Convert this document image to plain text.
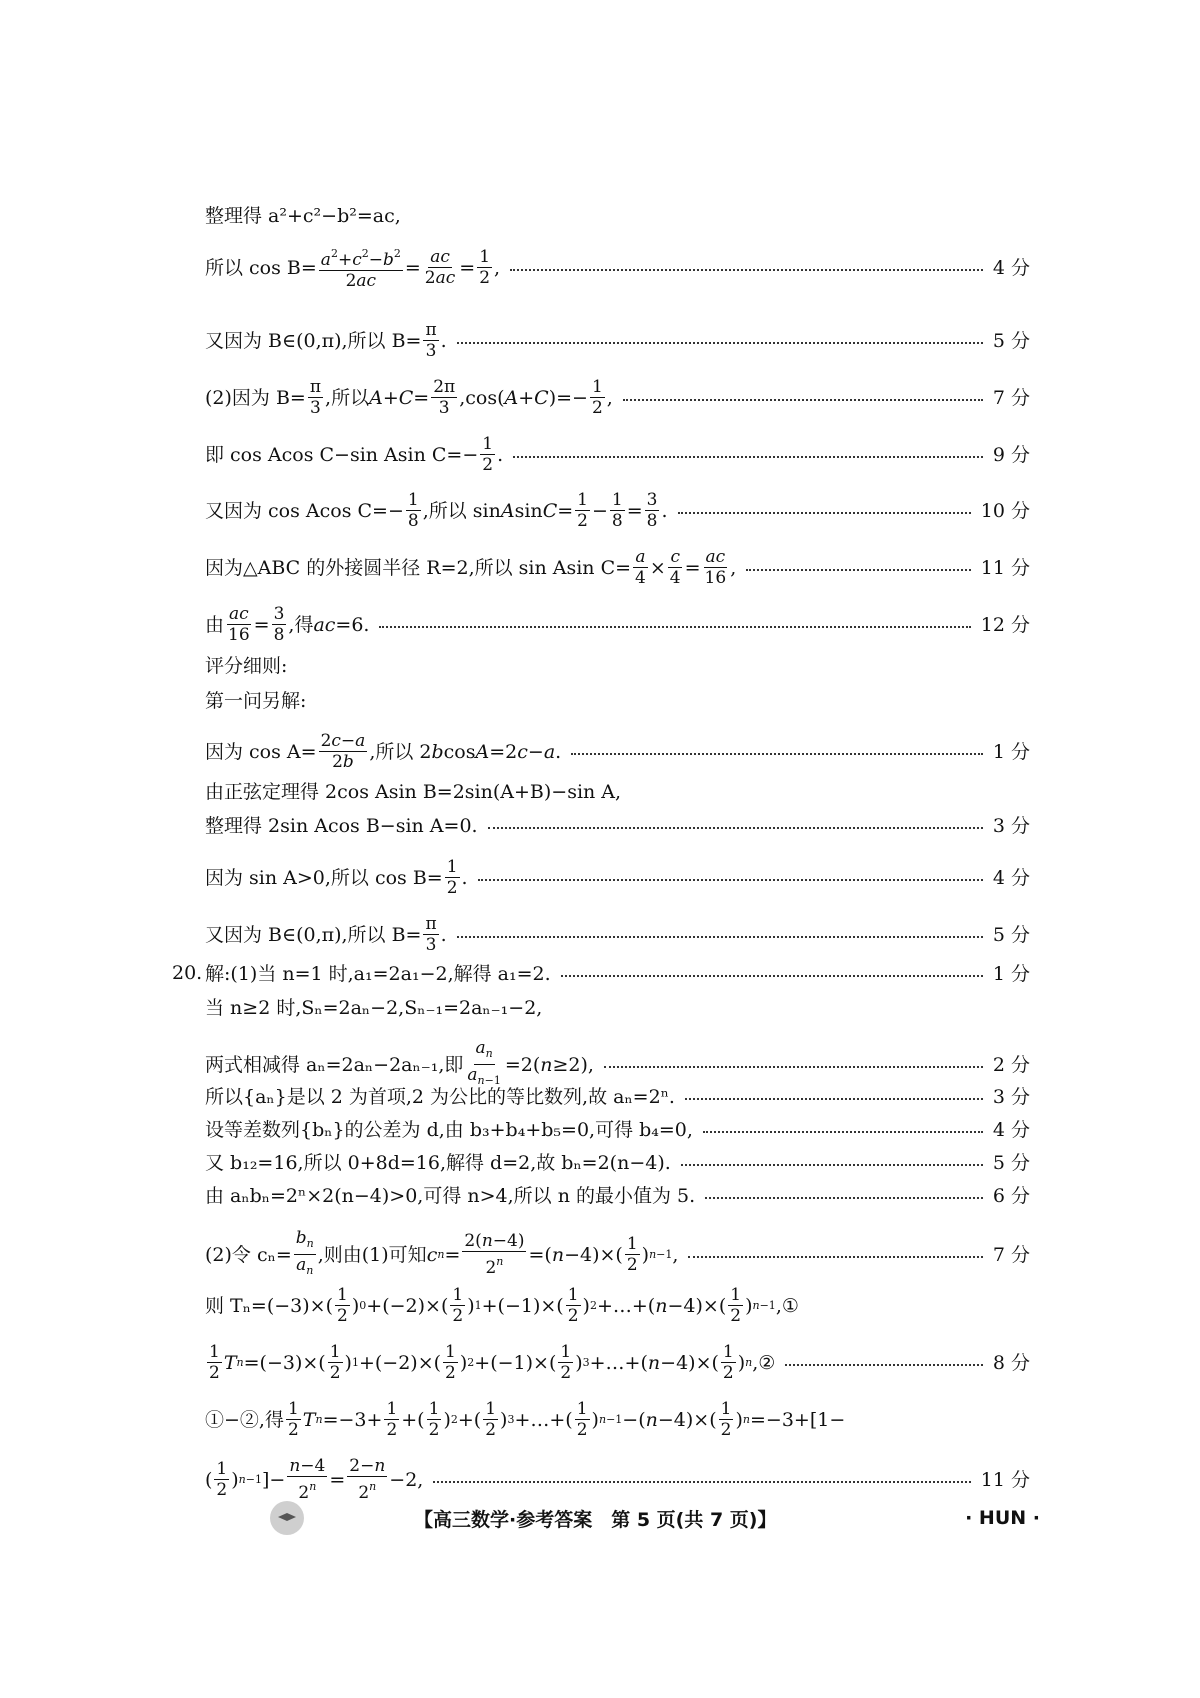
整理得 a²+c²−b²=ac,
所以 $\cos B= \frac{a^2+c^2-b^2}{2ac} = \frac{ac}{2ac} = \frac{1}{2}$ ,	4 分
又因为 B∈(0,π),所以 $B= \frac{\pi}{3}$ .	5 分
(2)因为 $B= \frac{\pi}{3}$ ,所以 $A + C = \frac{2\pi}{3} ,\cos$( A + C )=− $\frac{1}{2}$ ,	7 分
即 cos Acos C−sin Asin $C=- \frac{1}{2}$ .	9 分
又因为 cos Acos $C=- \frac{1}{8}$ ,所以 sin A $\sin C = \frac{1}{2} - \frac{1}{8} = \frac{3}{8}$ .	10 分
因为△ABC 的外接圆半径 R=2,所以 sin Asin $C= \frac{a}{4} \times \frac{c}{4} = \frac{ac}{16}$ ,	11 分
由 $\frac{ac}{16} = \frac{3}{8}$ ,得 ac =6.	12 分
评分细则:
第一问另解:
因为 $\cos A= \frac{2c-a}{2b}$ ,所以 2 b cos A =2 c − a .	1 分
由正弦定理得 2cos Asin B=2sin(A+B)−sin A,
整理得 2sin Acos B−sin A=0.	3 分
因为 sin A>0,所以 $\cos B= \frac{1}{2}$ .	4 分
又因为 B∈(0,π),所以 $B= \frac{\pi}{3}$ .	5 分
20. 解:(1)当 n=1 时,a₁=2a₁−2,解得 a₁=2.	1 分
当 n≥2 时,Sₙ=2aₙ−2,Sₙ₋₁=2aₙ₋₁−2,
两式相减得 aₙ=2aₙ−2aₙ₋₁,即 $\frac{a_n}{a_{n-1}} =2$( n ≥2),	2 分
所以{aₙ}是以 2 为首项,2 为公比的等比数列,故 aₙ=2ⁿ.	3 分
设等差数列{bₙ}的公差为 d,由 b₃+b₄+b₅=0,可得 b₄=0,	4 分
又 b₁₂=16,所以 0+8d=16,解得 d=2,故 bₙ=2(n−4).	5 分
由 aₙbₙ=2ⁿ×2(n−4)>0,可得 n>4,所以 n 的最小值为 5.	6 分
(2)令 $c_n= \frac{b_n}{a_n}$ ,则由(1)可知 c $n = \frac{2(n-4)}{2^n}$ =( $n -4)\times( \frac{1}{2}$ ) n−1 ,	7 分
则 $T_n=(-3)\times( \frac{1}{2}$ ) $0 +(-2)\times( \frac{1}{2}$ ) $1 +(-1)\times( \frac{1}{2}$ ) 2 +…+( $n -4)\times( \frac{1}{2}$ ) n−1 ,①
$\frac{1}{2}$ T $n =(-3)\times( \frac{1}{2}$ ) $1 +(-2)\times( \frac{1}{2}$ ) $2 +(-1)\times( \frac{1}{2}$ ) 3 +…+( $n -4)\times( \frac{1}{2}$ ) n ,②	8 分
①−②,得 $\frac{1}{2}$ T $n =-3+ \frac{1}{2}$ +( $\frac{1}{2}$ ) 2 +( $\frac{1}{2}$ ) 3 +…+( $\frac{1}{2}$ ) n−1 −( $n -4)\times( \frac{1}{2}$ ) n =−3+[1−
( $\frac{1}{2}$ ) n−1 ]− $\frac{n-4}{2^n} = \frac{2-n}{2^n} -2$,	11 分
【高三数学·参考答案　第 5 页(共 7 页)】	· HUN ·
